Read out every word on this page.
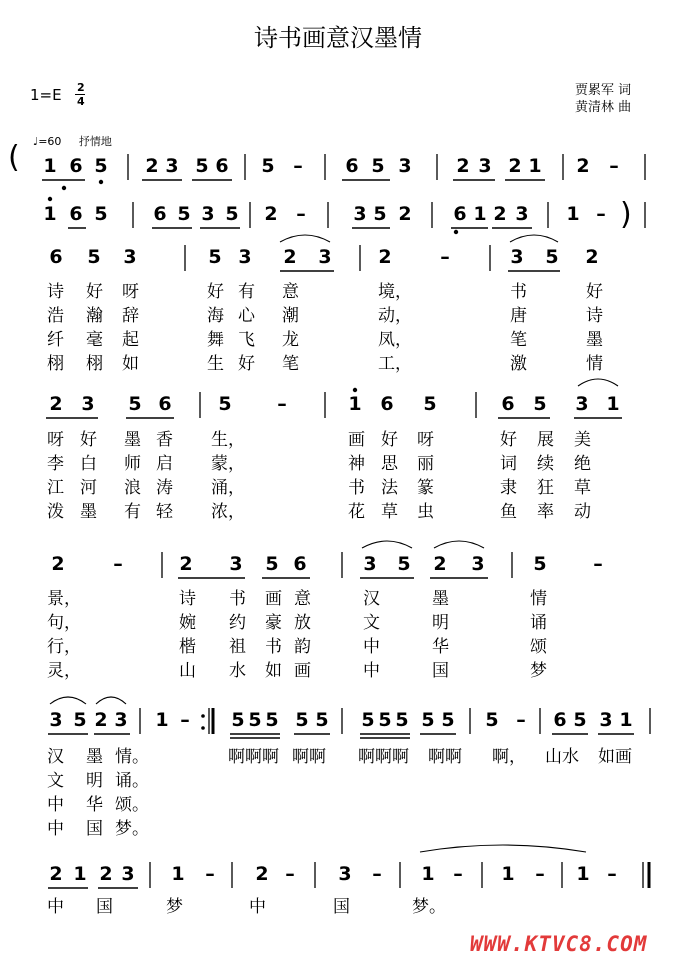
诗书画意汉墨情
1=E 2
4
贾累军 词
黄清林 曲
♩=60 抒情地
( 1 6 5 2 3 5 6 5 – 6 5 3 2 3 2 1 2 –
1 6 5 6 5 3 5 2 –	3 5 2 6 1 2 3 1 – )
6 5 3	5 3 2 3 2	–	3 5 2
2 3 5 6 5 –	1 6 5	6 5 3 1
2	–	2 3 5 6	3 5 2 3	5 –
3 5 2 3 1 – 5 5 5 5 5 5 5 5 5 5 5 – 6 5 3 1
2 1 2 3 1 – 2 – 3 – 1 – 1 – 1 –
诗 好 呀	好 有 意	境，	书	好
浩 瀚 辞	海 心 潮	动，	唐	诗
纤 毫 起	舞 飞 龙	凤，	笔	墨
栩 栩 如	生 好 笔	工，	激	情
呀 好 墨 香 生，	画 好 呀	好 展 美
李 白 师 启 蒙，	神 思 丽	词 续 绝
江 河 浪 涛 涌，	书 法 篆	隶 狂 草
泼 墨 有 轻 浓，	花 草 虫	鱼 率 动
景，	诗 书 画 意	汉	墨	情
句，	婉 约 豪 放	文	明	诵
行，	楷 祖 书 韵	中	华	颂
灵，	山 水 如 画	中	国	梦
汉 墨 情。	啊啊啊 啊啊 啊啊啊 啊啊 啊， 山水 如画
文 明 诵。
中 华 颂。
中 国 梦。
中 国	梦	中	国	梦。
WWW.KTVC8.COM
